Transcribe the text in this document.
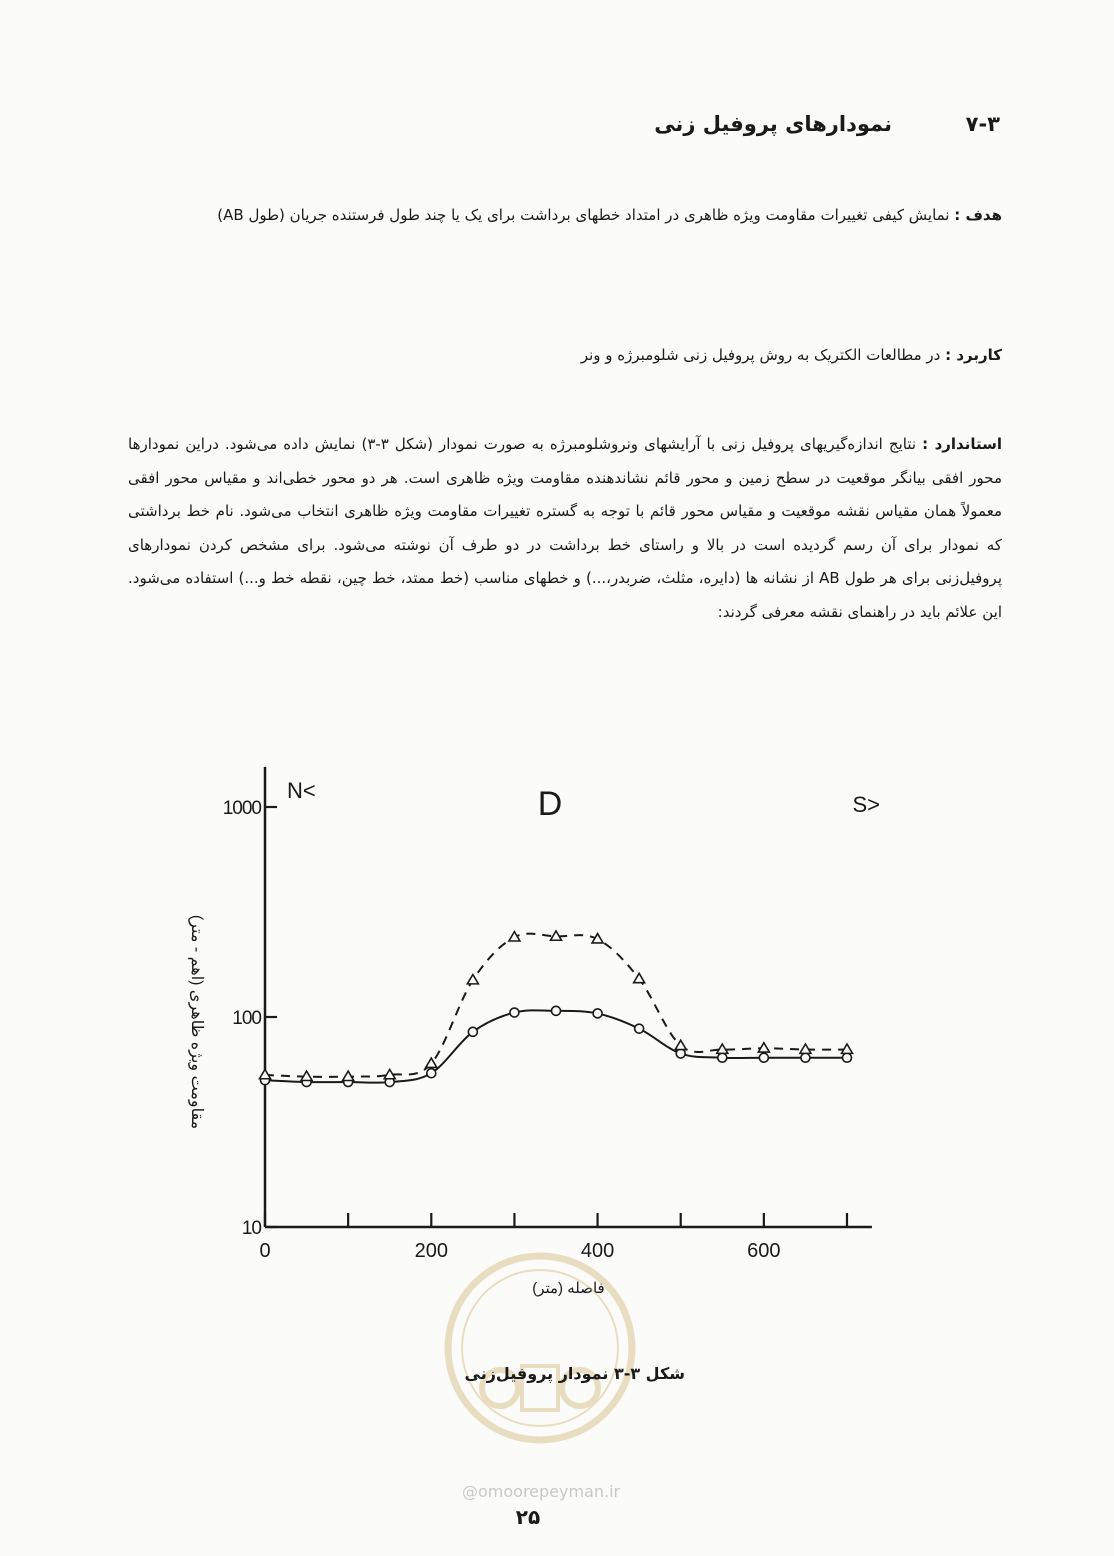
۷-۳
نمودارهای پروفیل زنی
هدف : نمایش کیفی تغییرات مقاومت ویژه ظاهری در امتداد خطهای برداشت برای یک یا چند طول فرستنده جریان (طول AB)
کاربرد : در مطالعات الکتریک به روش پروفیل زنی شلومبرژه و ونر
استاندارد : نتایج اندازه‌گیریهای پروفیل زنی با آرایشهای ونروشلومبرژه به صورت نمودار (شکل ۳-۳) نمایش داده می‌شود. دراین نمودارها محور افقی بیانگر موقعیت در سطح زمین و محور قائم نشاندهنده مقاومت ویژه ظاهری است. هر دو محور خطی‌اند و مقیاس محور افقی معمولاً همان مقیاس نقشه موقعیت و مقیاس محور قائم با توجه به گستره تغییرات مقاومت ویژه ظاهری انتخاب می‌شود. نام خط برداشتی که نمودار برای آن رسم گردیده است در بالا و راستای خط برداشت در دو طرف آن نوشته می‌شود. برای مشخص کردن نمودارهای پروفیل‌زنی برای هر طول AB از نشانه ها (دایره، مثلث، ضربدر،...) و خطهای مناسب (خط ممتد، خط چین، نقطه خط و...) استفاده می‌شود. این علائم باید در راهنمای نقشه معرفی گردند:
0	200	400	600
10
100
1000	D
N<
S>
فاصله (متر)
مقاومت ویژه ظاهری (اهم - متر)
شکل ۳-۳ نمودار پروفیل‌زنی
@omoorepeyman.ir
۲۵
